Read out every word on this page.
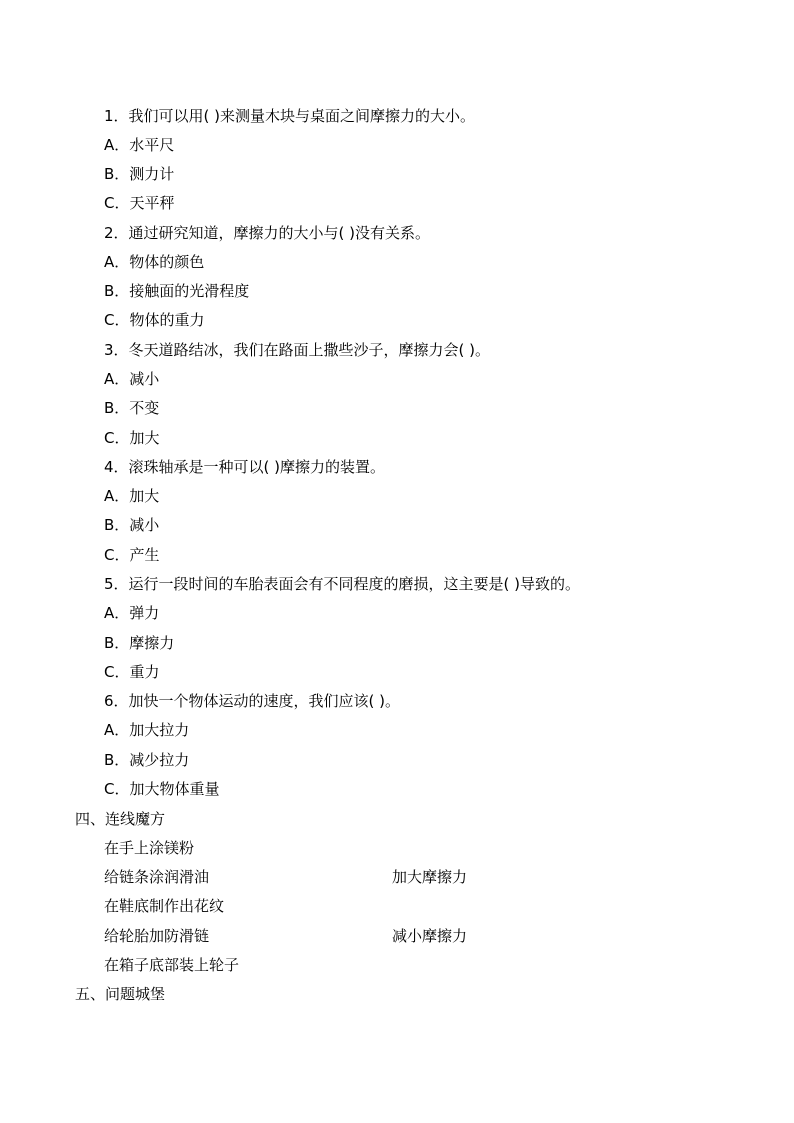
1．我们可以用( )来测量木块与桌面之间摩擦力的大小。
A．水平尺
B．测力计
C．天平秤
2．通过研究知道，摩擦力的大小与( )没有关系。
A．物体的颜色
B．接触面的光滑程度
C．物体的重力
3．冬天道路结冰，我们在路面上撒些沙子，摩擦力会( )。
A．减小
B．不变
C．加大
4．滚珠轴承是一种可以( )摩擦力的装置。
A．加大
B．减小
C．产生
5．运行一段时间的车胎表面会有不同程度的磨损，这主要是( )导致的。
A．弹力
B．摩擦力
C．重力
6．加快一个物体运动的速度，我们应该( )。
A．加大拉力
B．减少拉力
C．加大物体重量
四、连线魔方
在手上涂镁粉
给链条涂润滑油	加大摩擦力
在鞋底制作出花纹
给轮胎加防滑链	减小摩擦力
在箱子底部装上轮子
五、问题城堡
